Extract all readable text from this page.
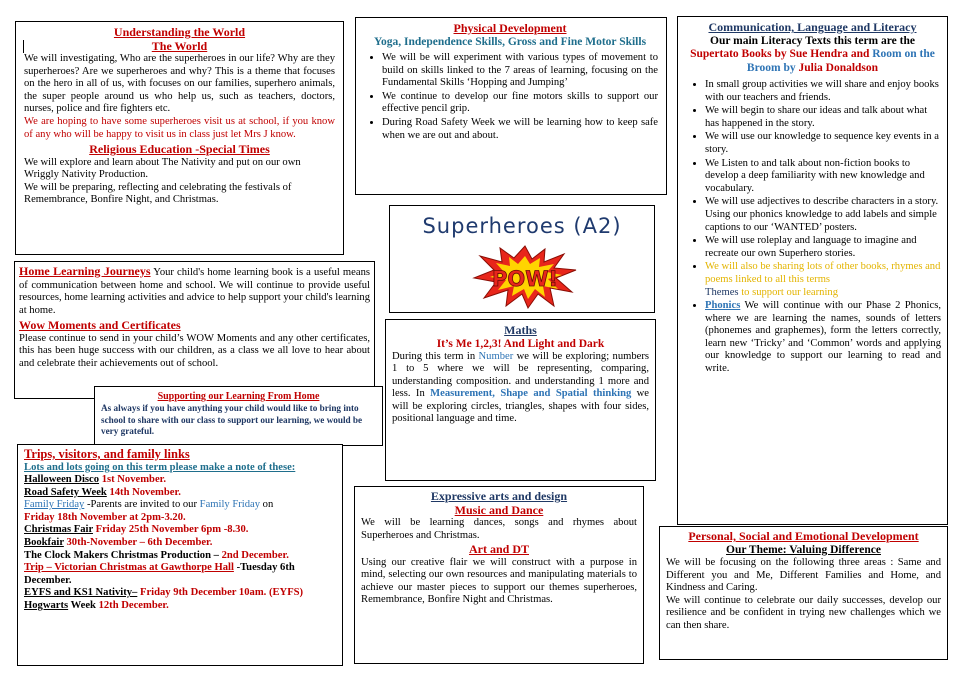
Understanding the World

The World

We will investigating, Who are the superheroes in our life? Why are they superheroes? Are we superheroes and why? This is a theme that focuses on the hero in all of us, with focuses on our families, superhero animals, the super people around us who help us, such as teachers, doctors, nurses, police and fire fighters etc.

We are hoping to have some superheroes visit us at school, if you know of any who will be happy to visit us in class just let Mrs J know.

Religious Education -Special Times

We will explore and learn about The Nativity and put on our own Wriggly Nativity Production.

We will be preparing, reflecting and celebrating the festivals of Remembrance, Bonfire Night, and Christmas.

Physical Development

Yoga, Independence Skills, Gross and Fine Motor Skills

• We will be will experiment with various types of movement to build on skills linked to the 7 areas of learning, focusing on the Fundamental Skills ‘Hopping and Jumping’
• We continue to develop our fine motors skills to support our effective pencil grip.
• During Road Safety Week we will be learning how to keep safe when we are out and about.
Superheroes (A2)
POW!

Communication, Language and Literacy

Our main Literacy Texts this term are the
Supertato Books by Sue Hendra and Room on the Broom by Julia Donaldson

• In small group activities we will share and enjoy books with our teachers and friends.
• We will begin to share our ideas and talk about what has happened in the story.
• We will use our knowledge to sequence key events in a story.
• We Listen to and talk about non-fiction books to develop a deep familiarity with new knowledge and vocabulary.
• We will use adjectives to describe characters in a story.
Using our phonics knowledge to add labels and simple captions to our ‘WANTED’ posters.
• We will use roleplay and language to imagine and recreate our own Superhero stories.
• We will also be sharing lots of other books, rhymes and poems linked to all this terms
Themes to support our learning
• Phonics We will continue with our Phase 2 Phonics, where we are learning the names, sounds of letters (phonemes and graphemes), form the letters correctly, learn new ‘Tricky’ and ‘Common’ words and applying our knowledge to support our learning to read and write.

Home Learning Journeys Your child's home learning book is a useful means of communication between home and school. We will continue to provide useful resources, home learning activities and advice to help support your child's learning at home.

Wow Moments and Certificates

Please continue to send in your child’s WOW Moments and any other certificates, this has been huge success with our children, as a class we all love to hear about and celebrate their achievements out of school.

Supporting our Learning From Home

As always if you have anything your child would like to bring into school to share with our class to support our learning, we would be very grateful.

Maths

It’s Me 1,2,3! And Light and Dark

During this term in Number we will be exploring; numbers 1 to 5 where we will be representing, comparing, understanding composition. and understanding 1 more and less. In Measurement, Shape and Spatial thinking we will be exploring circles, triangles, shapes with four sides, positional language and time.

Trips, visitors, and family links

Lots and lots going on this term please make a note of these:

Halloween Disco 1st November.

Road Safety Week 14th November.

Family Friday -Parents are invited to our Family Friday on
Friday 18th November at 2pm-3.20.

Christmas Fair Friday 25th November 6pm -8.30.

Bookfair 30th-November – 6th December.

The Clock Makers Christmas Production – 2nd December.

Trip – Victorian Christmas at Gawthorpe Hall -Tuesday 6th December.

EYFS and KS1 Nativity– Friday 9th December 10am. (EYFS)

Hogwarts Week 12th December.

Expressive arts and design

Music and Dance

We will be learning dances, songs and rhymes about Superheroes and Christmas.

Art and DT

Using our creative flair we will construct with a purpose in mind, selecting our own resources and manipulating materials to achieve our master pieces to support our themes superheroes, Remembrance, Bonfire Night and Christmas.

Personal, Social and Emotional Development

Our Theme: Valuing Difference

We will be focusing on the following three areas : Same and Different you and Me, Different Families and Home, and Kindness and Caring.

We will continue to celebrate our daily successes, develop our resilience and be confident in trying new challenges which we can then share.
